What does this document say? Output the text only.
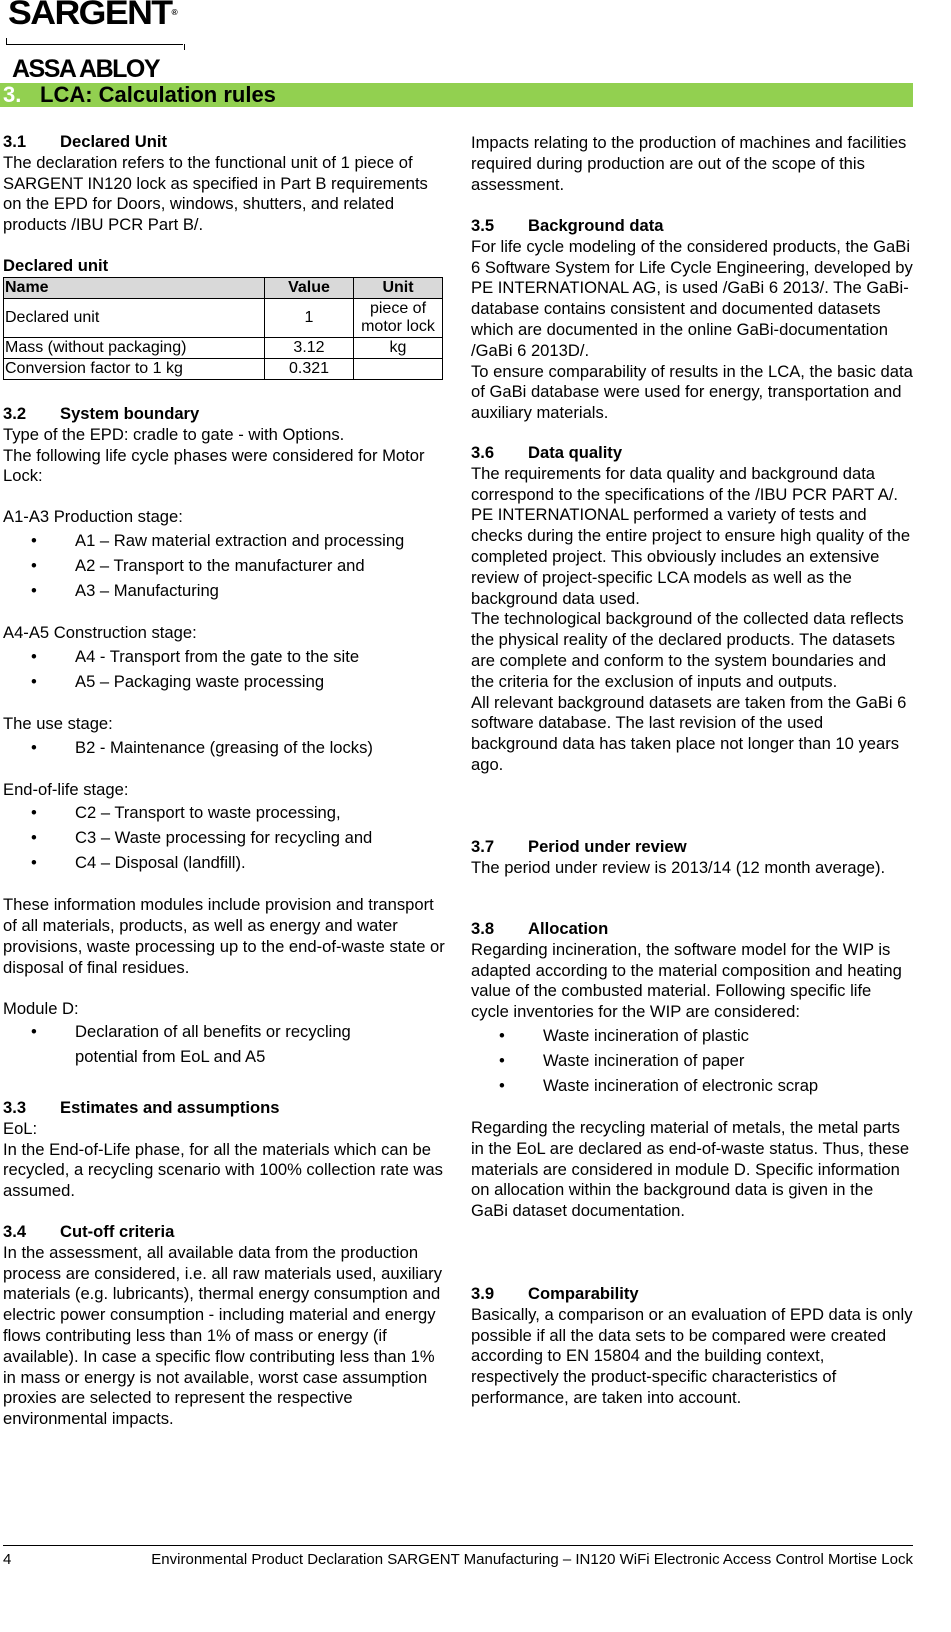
SARGENT®
ASSA ABLOY
3. LCA: Calculation rules
3.1 Declared Unit

The declaration refers to the functional unit of 1 piece of SARGENT IN120 lock as specified in Part B requirements on the EPD for Doors, windows, shutters, and related products /IBU PCR Part B/.

Declared unit

Name	Value	Unit
Declared unit	1	piece of motor lock
Mass (without packaging)	3.12	kg
Conversion factor to 1 kg	0.321	
3.2 System boundary

Type of the EPD: cradle to gate - with Options.

The following life cycle phases were considered for Motor Lock:

A1-A3 Production stage:

• A1 – Raw material extraction and processing
• A2 – Transport to the manufacturer and
• A3 – Manufacturing

A4-A5 Construction stage:

• A4 - Transport from the gate to the site
• A5 – Packaging waste processing

The use stage:

• B2 - Maintenance (greasing of the locks)

End-of-life stage:

• C2 – Transport to waste processing,
• C3 – Waste processing for recycling and
• C4 – Disposal (landfill).

These information modules include provision and transport of all materials, products, as well as energy and water provisions, waste processing up to the end-of-waste state or disposal of final residues.

Module D:

• Declaration of all benefits or recycling potential from EoL and A5
3.3 Estimates and assumptions

EoL:

In the End-of-Life phase, for all the materials which can be recycled, a recycling scenario with 100% collection rate was assumed.

3.4 Cut-off criteria

In the assessment, all available data from the production process are considered, i.e. all raw materials used, auxiliary materials (e.g. lubricants), thermal energy consumption and electric power consumption - including material and energy flows contributing less than 1% of mass or energy (if available). In case a specific flow contributing less than 1% in mass or energy is not available, worst case assumption proxies are selected to represent the respective environmental impacts.

Impacts relating to the production of machines and facilities required during production are out of the scope of this assessment.

3.5 Background data

For life cycle modeling of the considered products, the GaBi 6 Software System for Life Cycle Engineering, developed by PE INTERNATIONAL AG, is used /GaBi 6 2013/. The GaBi-database contains consistent and documented datasets which are documented in the online GaBi-documentation /GaBi 6 2013D/.

To ensure comparability of results in the LCA, the basic data of GaBi database were used for energy, transportation and auxiliary materials.

3.6 Data quality

The requirements for data quality and background data correspond to the specifications of the /IBU PCR PART A/.

PE INTERNATIONAL performed a variety of tests and checks during the entire project to ensure high quality of the completed project. This obviously includes an extensive review of project-specific LCA models as well as the background data used.

The technological background of the collected data reflects the physical reality of the declared products. The datasets are complete and conform to the system boundaries and the criteria for the exclusion of inputs and outputs.

All relevant background datasets are taken from the GaBi 6 software database. The last revision of the used background data has taken place not longer than 10 years ago.

3.7 Period under review

The period under review is 2013/14 (12 month average).

3.8 Allocation

Regarding incineration, the software model for the WIP is adapted according to the material composition and heating value of the combusted material. Following specific life cycle inventories for the WIP are considered:

• Waste incineration of plastic
• Waste incineration of paper
• Waste incineration of electronic scrap

Regarding the recycling material of metals, the metal parts in the EoL are declared as end-of-waste status. Thus, these materials are considered in module D. Specific information on allocation within the background data is given in the GaBi dataset documentation.

3.9 Comparability

Basically, a comparison or an evaluation of EPD data is only possible if all the data sets to be compared were created according to EN 15804 and the building context, respectively the product-specific characteristics of performance, are taken into account.

4	Environmental Product Declaration SARGENT Manufacturing – IN120 WiFi Electronic Access Control Mortise Lock
